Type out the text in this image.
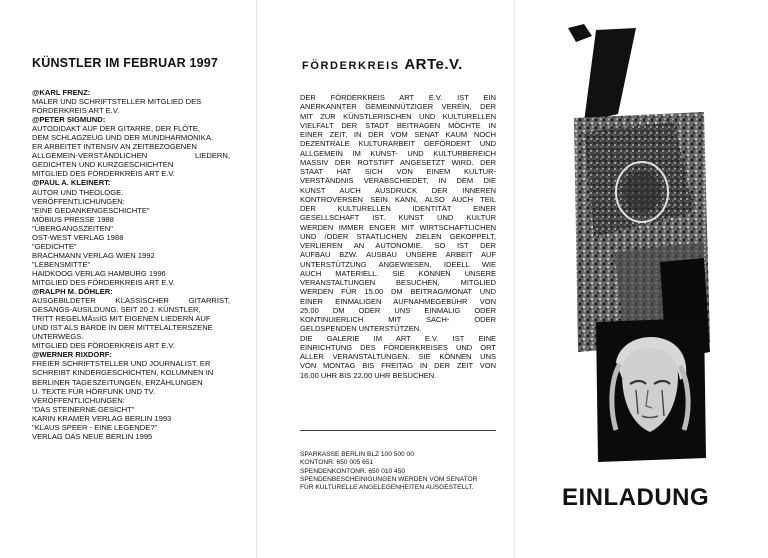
KÜNSTLER IM FEBRUAR 1997
@KARL FRENZ:
MALER UND SCHRIFTSTELLER MITGLIED DES
FÖRDERKREIS ART E.V.
@PETER SIGMUND:
AUTODIDAKT AUF DER GITARRE, DER FLÖTE,
DEM SCHLAGZEUG UND DER MUNDHARMONIKA.
ER ARBEITET INTENSIV AN ZEITBEZOGENEN
ALLGEMEIN-VERSTÄNDLICHEN LIEDERN,
GEDICHTEN UND KURZGESCHICHTEN
MITGLIED DES FÖRDERKREIS ART E.V.
@PAUL A. KLEINERT:
AUTOR UND THEOLOGE.
VERÖFFENTLICHUNGEN:
"EINE GEDANKENGESCHICHTE"
MÖBIUS PRESSE 1988
"ÜBERGANGSZEITEN"
OST-WEST VERLAG 1988
"GEDICHTE"
BRACHMANN VERLAG WIEN 1992
"LEBENSMITTE"
HAIDKOOG VERLAG HAMBURG 1996
MITGLIED DES FÖRDERKREIS ART E.V.
@RALPH M. DÖHLER:
AUSGEBILDETER KLASSISCHER GITARRIST,
GESANGS-AUSILDUNG. SEIT 20 J. KÜNSTLER,
TRITT REGELMÄßIG MIT EIGENEN LIEDERN AUF
UND IST ALS BARDE IN DER MITTELALTERSZENE
UNTERWEGS.
MITGLIED DES FÖRDERKREIS ART E.V.
@WERNER RIXDORF:
FREIER SCHRIFTSTELLER UND JOURNALIST. ER
SCHREIBT KINDERGESCHICHTEN, KOLUMNEN IN
BERLINER TAGESZEITUNGEN, ERZÄHLUNGEN
U. TEXTE FÜR HÖRFUNK UND TV.
VERÖFFENTLICHUNGEN:
"DAS STEINERNE GESICHT"
KARIN KRAMER VERLAG BERLIN 1993
"KLAUS SPEER - EINE LEGENDE?"
VERLAG DAS NEUE BERLIN 1995
FÖRDERKREIS ARTe.V.
DER FÖRDERKREIS ART E.V. IST EIN
ANERKANNTER GEMEINNÜTZIGER VEREIN, DER
MIT ZUR KÜNSTLERISCHEN UND KULTURELLEN
VIELFALT DER STADT BEITRAGEN MÖCHTE IN
EINER ZEIT, IN DER VOM SENAT KAUM NOCH
DEZENTRALE KULTURARBEIT GEFÖRDERT UND
ALLGEMEIN IM KUNST- UND KULTURBEREICH
MASSIV DER ROTSTIFT ANGESETZT WIRD. DER
STAAT HAT SICH VON EINEM KULTUR-
VERSTÄNDNIS VERABSCHIEDET, IN DEM DIE
KUNST AUCH AUSDRUCK DER INNEREN
KONTROVERSEN SEIN KANN, ALSO AUCH TEIL
DER KULTURELLEN IDENTITÄT EINER
GESELLSCHAFT IST. KUNST UND KULTUR
WERDEN IMMER ENGER MIT WIRTSCHAFTLICHEN
UND /ODER STAATLICHEN ZIELEN GEKOPPELT,
VERLIEREN AN AUTONOMIE. SO IST DER
AUFBAU BZW. AUSBAU UNSERE ARBEIT AUF
UNTERSTÜTZUNG ANGEWIESEN, IDEELL WIE
AUCH MATERIELL. SIE KÖNNEN UNSERE
VERANSTALTUNGEN BESUCHEN, MITGLIED
WERDEN FÜR 15.00 DM BEITRAG/MONAT UND
EINER EINMALIGEN AUFNAHMEGEBÜHR VON
25.00 DM ODER UNS EINMALIG ODER
KONTINUIERLICH MIT SACH- ODER
GELDSPENDEN UNTERSTÜTZEN.
DIE GALERIE IM ART E.V. IST EINE
EINRICHTUNG DES FÖRDERKREISES UND ORT
ALLER VERANSTALTUNGEN. SIE KÖNNEN UNS
VON MONTAG BIS FREITAG IN DER ZEIT VON
16.00 UHR BIS 22.00 UHR BESUCHEN.
SPARKASSE BERLIN BLZ 100 500 00
KONTONR. 650 005 651
SPENDENKONTONR. 650 010 450
SPENDENBESCHEINIGUNGEN WERDEN VOM SENATOR
FÜR KULTURELLE ANGELEGENHEITEN AUSGESTELLT.	EINLADUNG
